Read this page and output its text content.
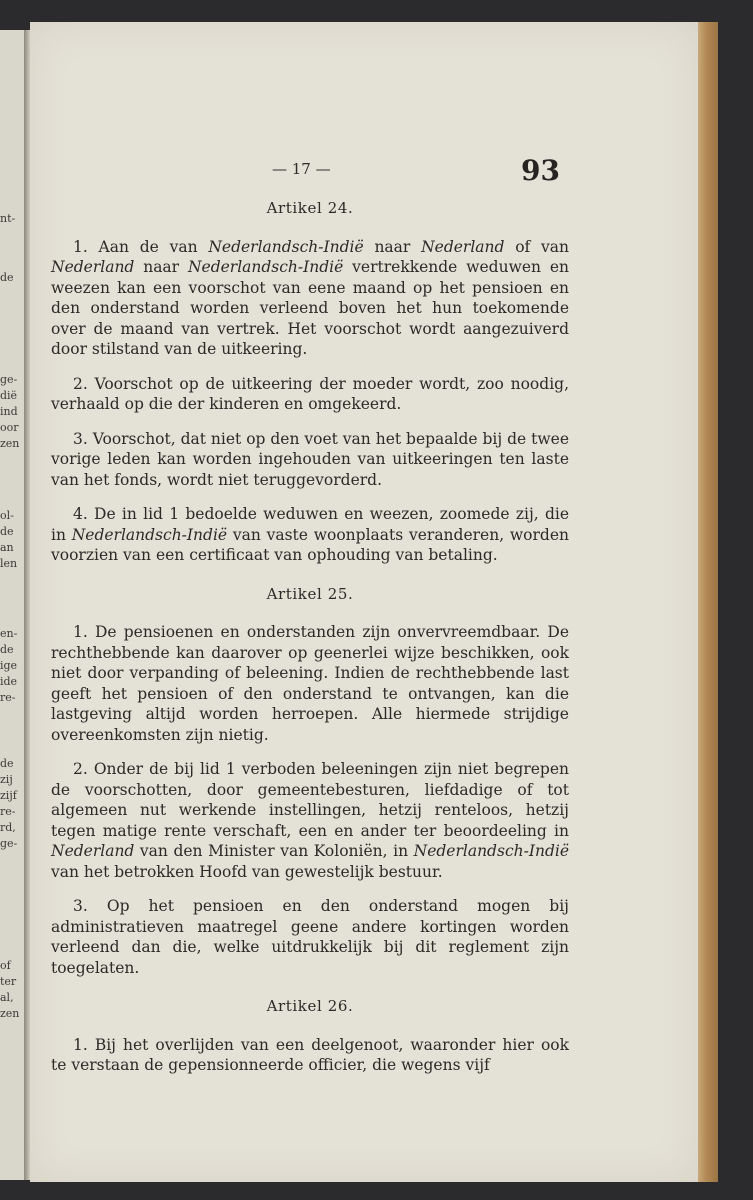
nt-
de
ge-
dië
ind
oor
zen
ol-
de
an
len
en-
de
ige
ide
re-
de
zij
zijf
re-
rd,
ge-
of
ter
al,
zen
— 17 —	93
Artikel 24.
1. Aan de van Nederlandsch-Indië naar Nederland of van Nederland naar Nederlandsch-Indië vertrekkende weduwen en weezen kan een voorschot van eene maand op het pensioen en den onderstand worden verleend boven het hun toekomende over de maand van vertrek. Het voorschot wordt aangezuiverd door stilstand van de uitkeering.
2. Voorschot op de uitkeering der moeder wordt, zoo noodig, verhaald op die der kinderen en omgekeerd.
3. Voorschot, dat niet op den voet van het bepaalde bij de twee vorige leden kan worden ingehouden van uitkeeringen ten laste van het fonds, wordt niet teruggevorderd.
4. De in lid 1 bedoelde weduwen en weezen, zoomede zij, die in Nederlandsch-Indië van vaste woonplaats veranderen, worden voorzien van een certificaat van ophouding van betaling.
Artikel 25.
1. De pensioenen en onderstanden zijn onvervreemdbaar. De rechthebbende kan daarover op geenerlei wijze beschikken, ook niet door verpanding of beleening. Indien de rechthebbende last geeft het pensioen of den onderstand te ontvangen, kan die lastgeving altijd worden herroepen. Alle hiermede strijdige overeenkomsten zijn nietig.
2. Onder de bij lid 1 verboden beleeningen zijn niet begrepen de voorschotten, door gemeentebesturen, liefdadige of tot algemeen nut werkende instellingen, hetzij renteloos, hetzij tegen matige rente verschaft, een en ander ter beoordeeling in Nederland van den Minister van Koloniën, in Nederlandsch-Indië van het betrokken Hoofd van gewestelijk bestuur.
3. Op het pensioen en den onderstand mogen bij administratieven maatregel geene andere kortingen worden verleend dan die, welke uitdrukkelijk bij dit reglement zijn toegelaten.
Artikel 26.
1. Bij het overlijden van een deelgenoot, waaronder hier ook te verstaan de gepensionneerde officier, die wegens vijf
